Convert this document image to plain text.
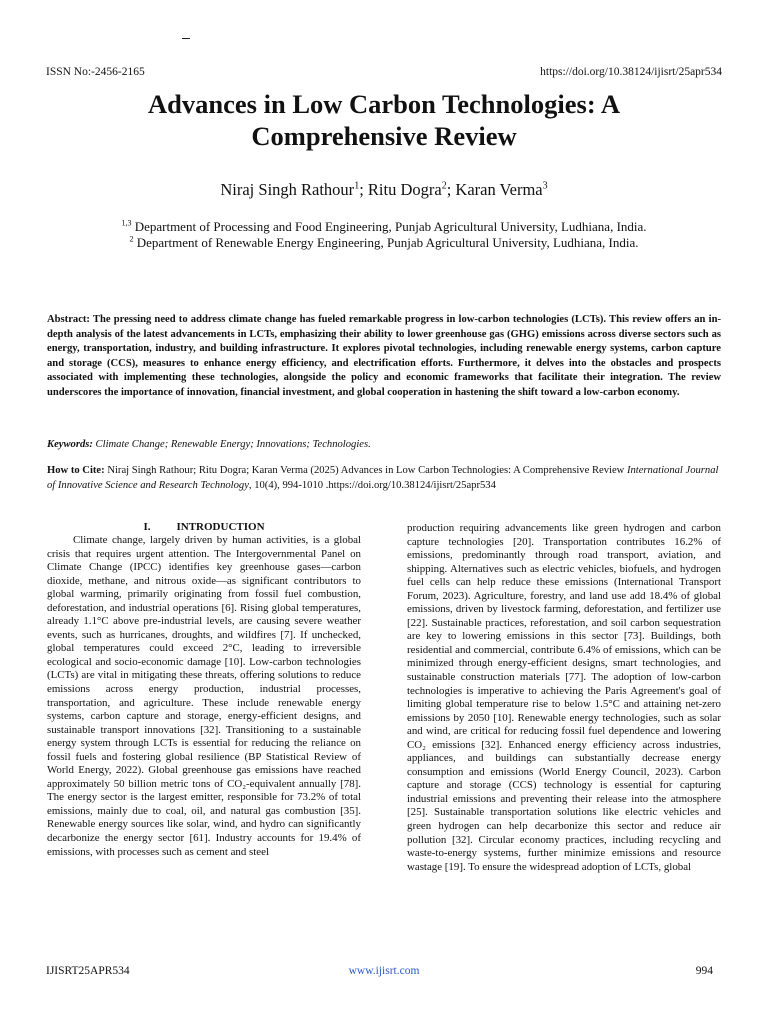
ISSN No:-2456-2165	https://doi.org/10.38124/ijisrt/25apr534
Advances in Low Carbon Technologies: A Comprehensive Review
Niraj Singh Rathour$^1$; Ritu Dogra$^2$; Karan Verma$^3$
$^{1,3}$ Department of Processing and Food Engineering, Punjab Agricultural University, Ludhiana, India.
$^2$ Department of Renewable Energy Engineering, Punjab Agricultural University, Ludhiana, India.
Abstract: The pressing need to address climate change has fueled remarkable progress in low-carbon technologies (LCTs). This review offers an in-depth analysis of the latest advancements in LCTs, emphasizing their ability to lower greenhouse gas (GHG) emissions across diverse sectors such as energy, transportation, industry, and building infrastructure. It explores pivotal technologies, including renewable energy systems, carbon capture and storage (CCS), measures to enhance energy efficiency, and electrification efforts. Furthermore, it delves into the obstacles and prospects associated with implementing these technologies, alongside the policy and economic frameworks that facilitate their integration. The review underscores the importance of innovation, financial investment, and global cooperation in hastening the shift toward a low-carbon economy.
Keywords: Climate Change; Renewable Energy; Innovations; Technologies.
How to Cite: Niraj Singh Rathour; Ritu Dogra; Karan Verma (2025) Advances in Low Carbon Technologies: A Comprehensive Review International Journal of Innovative Science and Research Technology, 10(4), 994-1010 .https://doi.org/10.38124/ijisrt/25apr534
I. INTRODUCTION
Climate change, largely driven by human activities, is a global crisis that requires urgent attention. The Intergovernmental Panel on Climate Change (IPCC) identifies key greenhouse gases—carbon dioxide, methane, and nitrous oxide—as significant contributors to global warming, primarily originating from fossil fuel combustion, deforestation, and industrial operations [6]. Rising global temperatures, already 1.1°C above pre-industrial levels, are causing severe weather events, such as hurricanes, droughts, and wildfires [7]. If unchecked, global temperatures could exceed 2°C, leading to irreversible ecological and socio-economic damage [10]. Low-carbon technologies (LCTs) are vital in mitigating these threats, offering solutions to reduce emissions across energy production, industrial processes, transportation, and agriculture. These include renewable energy systems, carbon capture and storage, energy-efficient designs, and sustainable transport innovations [32]. Transitioning to a sustainable energy system through LCTs is essential for reducing the reliance on fossil fuels and fostering global resilience (BP Statistical Review of World Energy, 2022). Global greenhouse gas emissions have reached approximately 50 billion metric tons of CO₂-equivalent annually [78]. The energy sector is the largest emitter, responsible for 73.2% of total emissions, mainly due to coal, oil, and natural gas combustion [35]. Renewable energy sources like solar, wind, and hydro can significantly decarbonize the energy sector [61]. Industry accounts for 19.4% of emissions, with processes such as cement and steel
production requiring advancements like green hydrogen and carbon capture technologies [20]. Transportation contributes 16.2% of emissions, predominantly through road transport, aviation, and shipping. Alternatives such as electric vehicles, biofuels, and hydrogen fuel cells can help reduce these emissions (International Transport Forum, 2023). Agriculture, forestry, and land use add 18.4% of global emissions, driven by livestock farming, deforestation, and fertilizer use [22]. Sustainable practices, reforestation, and soil carbon sequestration are key to lowering emissions in this sector [73]. Buildings, both residential and commercial, contribute 6.4% of emissions, which can be minimized through energy-efficient designs, smart technologies, and sustainable construction materials [77]. The adoption of low-carbon technologies is imperative to achieving the Paris Agreement's goal of limiting global temperature rise to below 1.5°C and attaining net-zero emissions by 2050 [10]. Renewable energy technologies, such as solar and wind, are critical for reducing fossil fuel dependence and lowering CO₂ emissions [32]. Enhanced energy efficiency across industries, appliances, and buildings can substantially decrease energy consumption and emissions (World Energy Council, 2023). Carbon capture and storage (CCS) technology is essential for capturing industrial emissions and preventing their release into the atmosphere [25]. Sustainable transportation solutions like electric vehicles and green hydrogen can help decarbonize this sector and reduce air pollution [32]. Circular economy practices, including recycling and waste-to-energy systems, further minimize emissions and resource wastage [19]. To ensure the widespread adoption of LCTs, global
IJISRT25APR534	www.ijisrt.com	994
